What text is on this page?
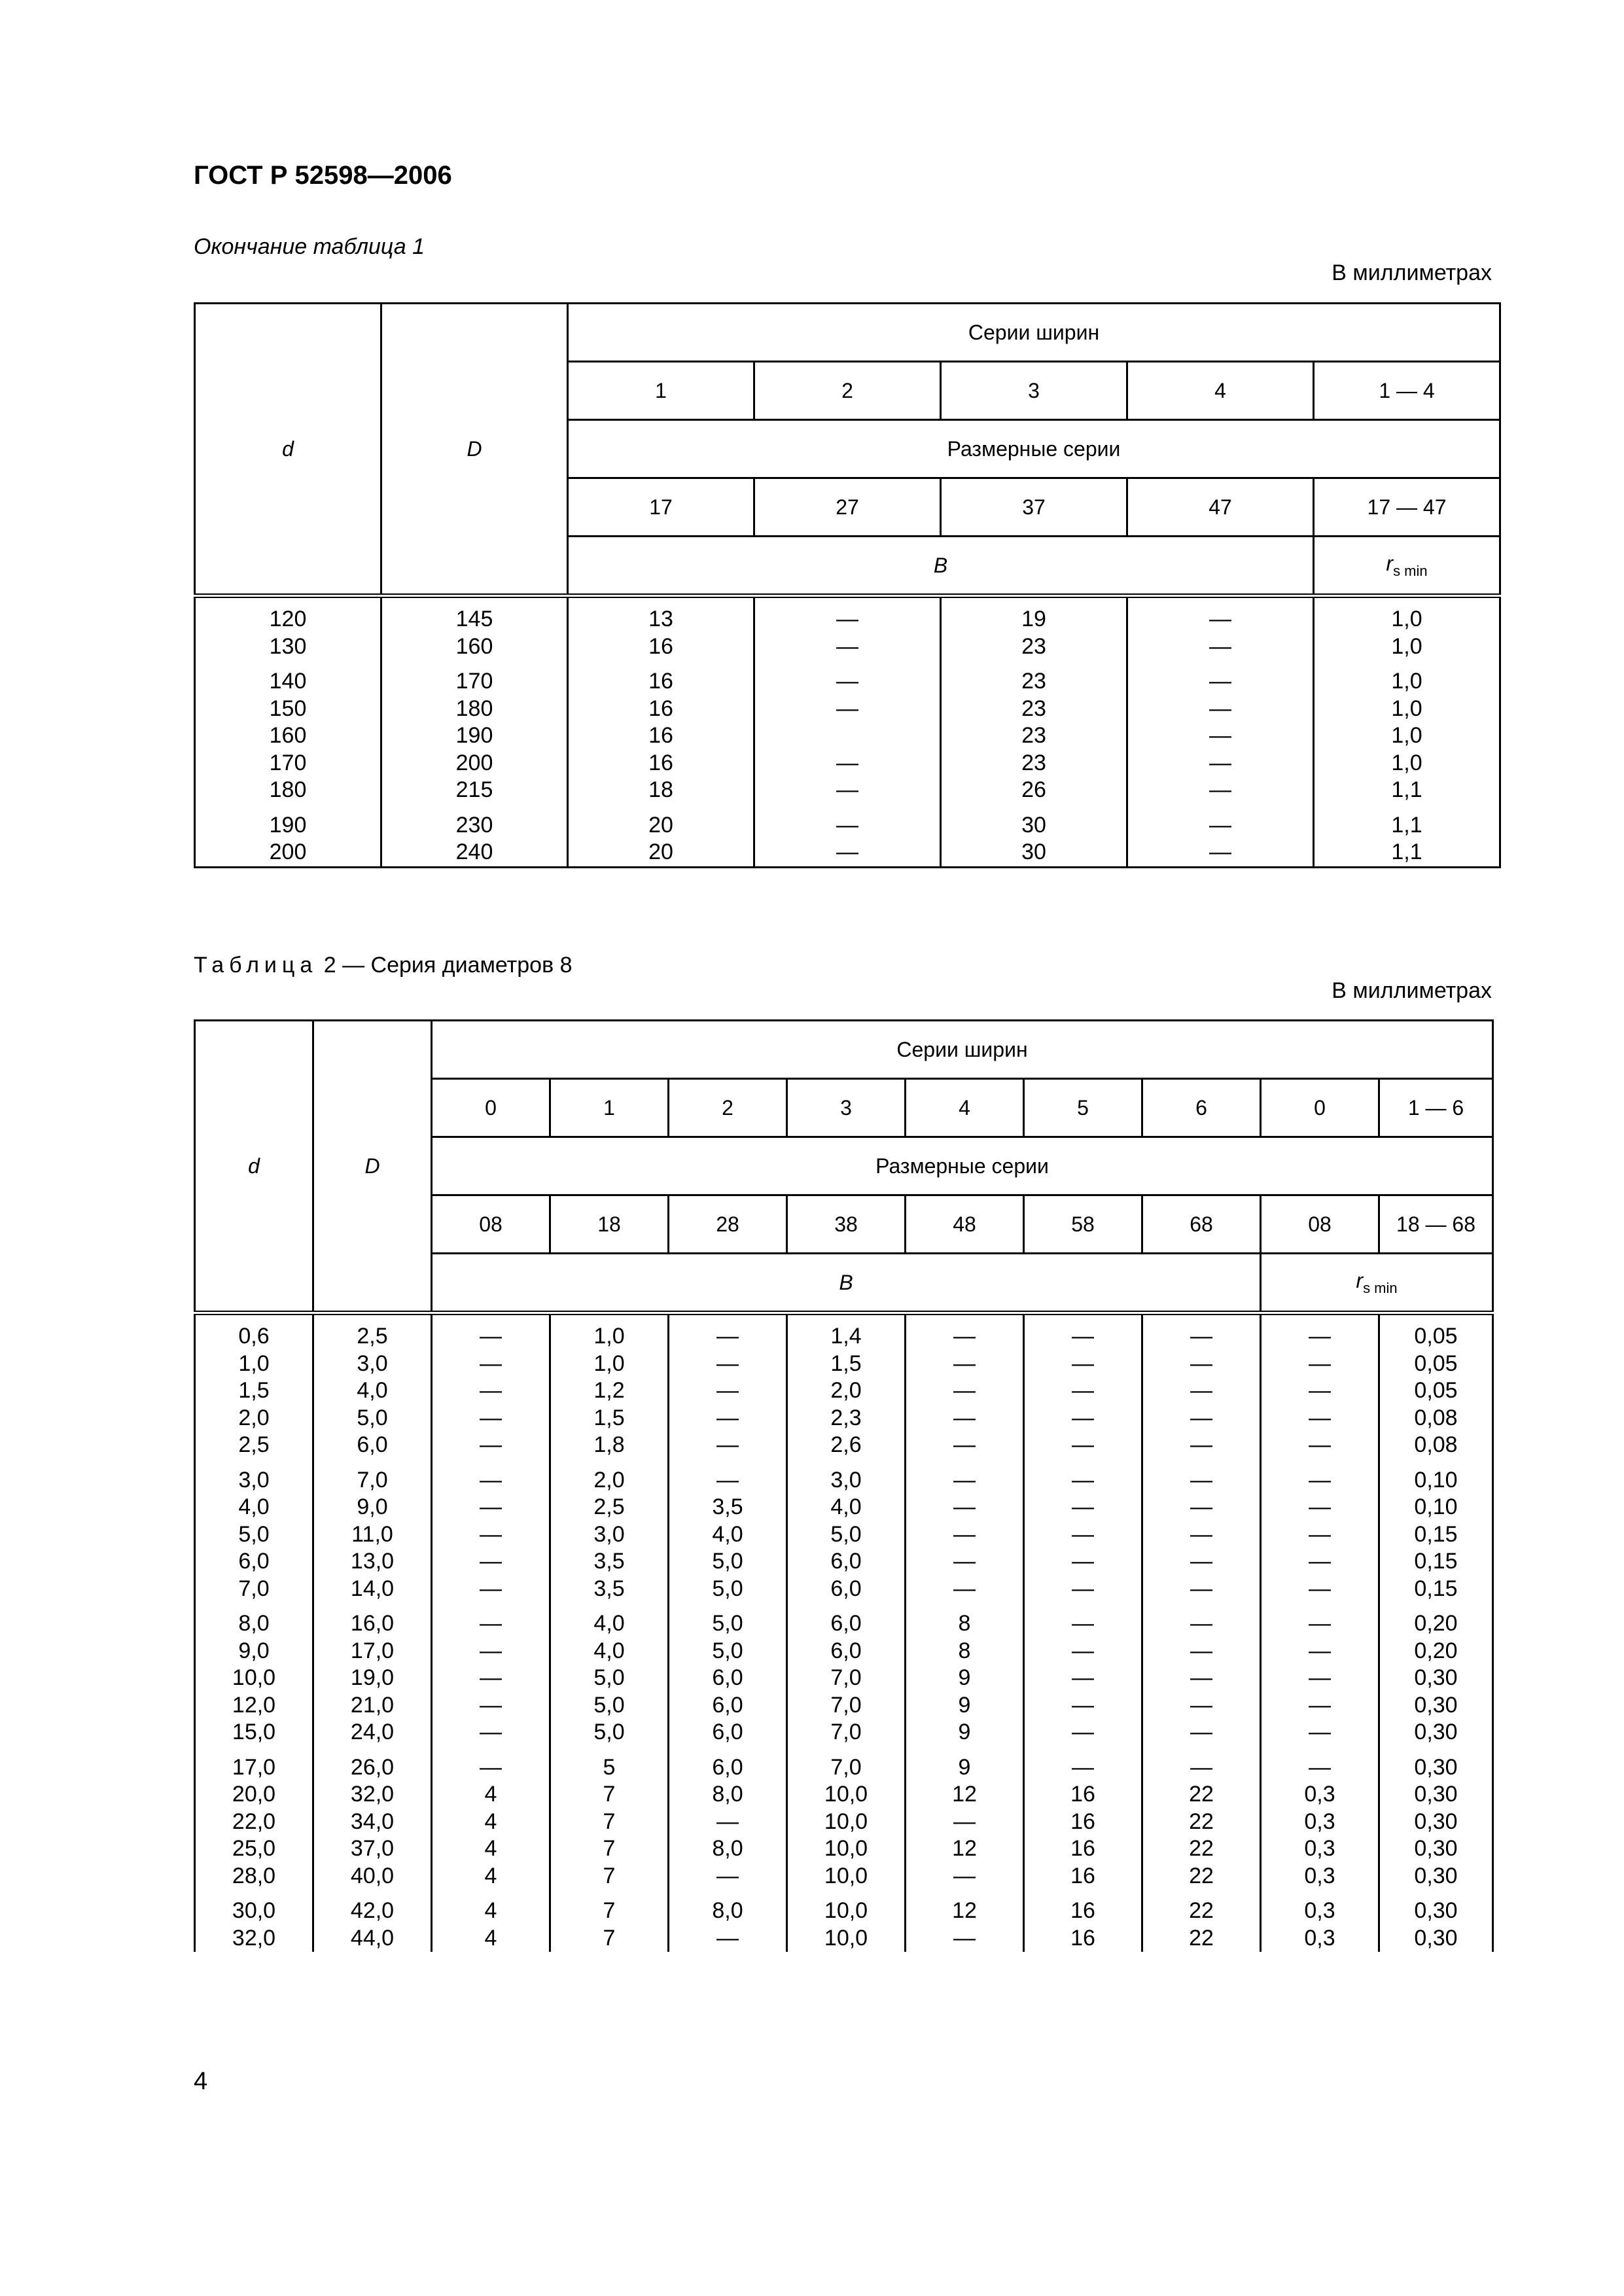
ГОСТ Р 52598—2006

Окончание таблица 1

В миллиметрах

d	D	Серии ширин				
		1	2	3	4	1 — 4
		Размерные серии				
		17	27	37	47	17 — 47
		B				$r_{s min}$
120	145	13	—	19	—	1,0
130	160	16	—	23	—	1,0
140	170	16	—	23	—	1,0
150	180	16	—	23	—	1,0
160	190	16		23	—	1,0
170	200	16	—	23	—	1,0
180	215	18	—	26	—	1,1
190	230	20	—	30	—	1,1
200	240	20	—	30	—	1,1

Таблица 2 — Серия диаметров 8

В миллиметрах

d	D	Серии ширин								
		0	1	2	3	4	5	6	0	1 — 6
		Размерные серии								
		08	18	28	38	48	58	68	08	18 — 68
		B							$r_{s min}$
0,6	2,5	—	1,0	—	1,4	—	—	—	—	0,05
1,0	3,0	—	1,0	—	1,5	—	—	—	—	0,05
1,5	4,0	—	1,2	—	2,0	—	—	—	—	0,05
2,0	5,0	—	1,5	—	2,3	—	—	—	—	0,08
2,5	6,0	—	1,8	—	2,6	—	—	—	—	0,08
3,0	7,0	—	2,0	—	3,0	—	—	—	—	0,10
4,0	9,0	—	2,5	3,5	4,0	—	—	—	—	0,10
5,0	11,0	—	3,0	4,0	5,0	—	—	—	—	0,15
6,0	13,0	—	3,5	5,0	6,0	—	—	—	—	0,15
7,0	14,0	—	3,5	5,0	6,0	—	—	—	—	0,15
8,0	16,0	—	4,0	5,0	6,0	8	—	—	—	0,20
9,0	17,0	—	4,0	5,0	6,0	8	—	—	—	0,20
10,0	19,0	—	5,0	6,0	7,0	9	—	—	—	0,30
12,0	21,0	—	5,0	6,0	7,0	9	—	—	—	0,30
15,0	24,0	—	5,0	6,0	7,0	9	—	—	—	0,30
17,0	26,0	—	5	6,0	7,0	9	—	—	—	0,30
20,0	32,0	4	7	8,0	10,0	12	16	22	0,3	0,30
22,0	34,0	4	7	—	10,0	—	16	22	0,3	0,30
25,0	37,0	4	7	8,0	10,0	12	16	22	0,3	0,30
28,0	40,0	4	7	—	10,0	—	16	22	0,3	0,30
30,0	42,0	4	7	8,0	10,0	12	16	22	0,3	0,30
32,0	44,0	4	7	—	10,0	—	16	22	0,3	0,30

4
